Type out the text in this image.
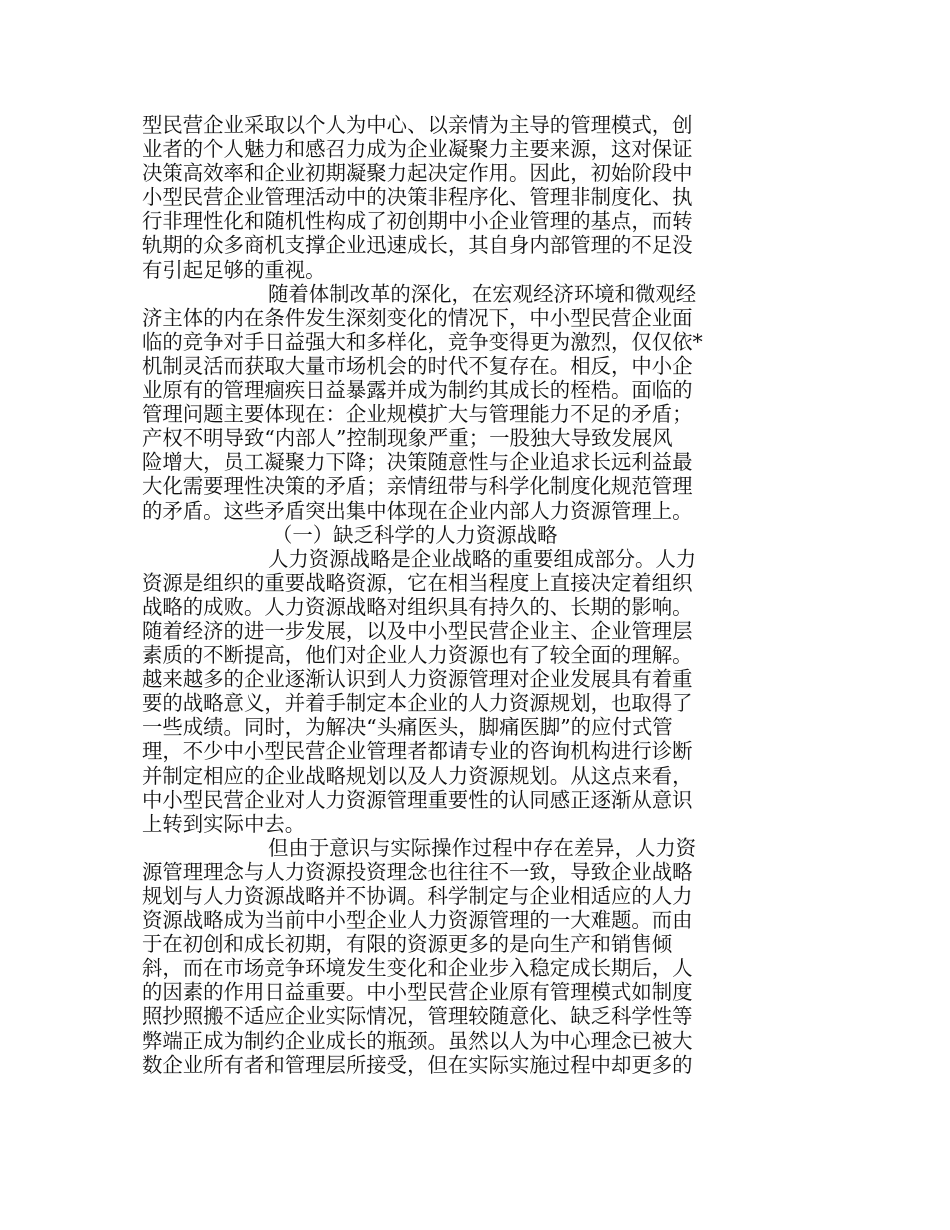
型民营企业采取以个人为中心、以亲情为主导的管理模式，创
业者的个人魅力和感召力成为企业凝聚力主要来源，这对保证
决策高效率和企业初期凝聚力起决定作用。因此，初始阶段中
小型民营企业管理活动中的决策非程序化、管理非制度化、执
行非理性化和随机性构成了初创期中小企业管理的基点，而转
轨期的众多商机支撑企业迅速成长，其自身内部管理的不足没
有引起足够的重视。
随着体制改革的深化，在宏观经济环境和微观经
济主体的内在条件发生深刻变化的情况下，中小型民营企业面
临的竞争对手日益强大和多样化，竞争变得更为激烈，仅仅依*
机制灵活而获取大量市场机会的时代不复存在。相反，中小企
业原有的管理痼疾日益暴露并成为制约其成长的桎梏。面临的
管理问题主要体现在：企业规模扩大与管理能力不足的矛盾；
产权不明导致“内部人”控制现象严重；一股独大导致发展风
险增大，员工凝聚力下降；决策随意性与企业追求长远利益最
大化需要理性决策的矛盾；亲情纽带与科学化制度化规范管理
的矛盾。这些矛盾突出集中体现在企业内部人力资源管理上。
（一）缺乏科学的人力资源战略
人力资源战略是企业战略的重要组成部分。人力
资源是组织的重要战略资源，它在相当程度上直接决定着组织
战略的成败。人力资源战略对组织具有持久的、长期的影响。
随着经济的进一步发展，以及中小型民营企业主、企业管理层
素质的不断提高，他们对企业人力资源也有了较全面的理解。
越来越多的企业逐渐认识到人力资源管理对企业发展具有着重
要的战略意义，并着手制定本企业的人力资源规划，也取得了
一些成绩。同时，为解决“头痛医头，脚痛医脚”的应付式管
理，不少中小型民营企业管理者都请专业的咨询机构进行诊断
并制定相应的企业战略规划以及人力资源规划。从这点来看，
中小型民营企业对人力资源管理重要性的认同感正逐渐从意识
上转到实际中去。
但由于意识与实际操作过程中存在差异，人力资
源管理理念与人力资源投资理念也往往不一致，导致企业战略
规划与人力资源战略并不协调。科学制定与企业相适应的人力
资源战略成为当前中小型企业人力资源管理的一大难题。而由
于在初创和成长初期，有限的资源更多的是向生产和销售倾
斜，而在市场竞争环境发生变化和企业步入稳定成长期后，人
的因素的作用日益重要。中小型民营企业原有管理模式如制度
照抄照搬不适应企业实际情况，管理较随意化、缺乏科学性等
弊端正成为制约企业成长的瓶颈。虽然以人为中心理念已被大
数企业所有者和管理层所接受，但在实际实施过程中却更多的
